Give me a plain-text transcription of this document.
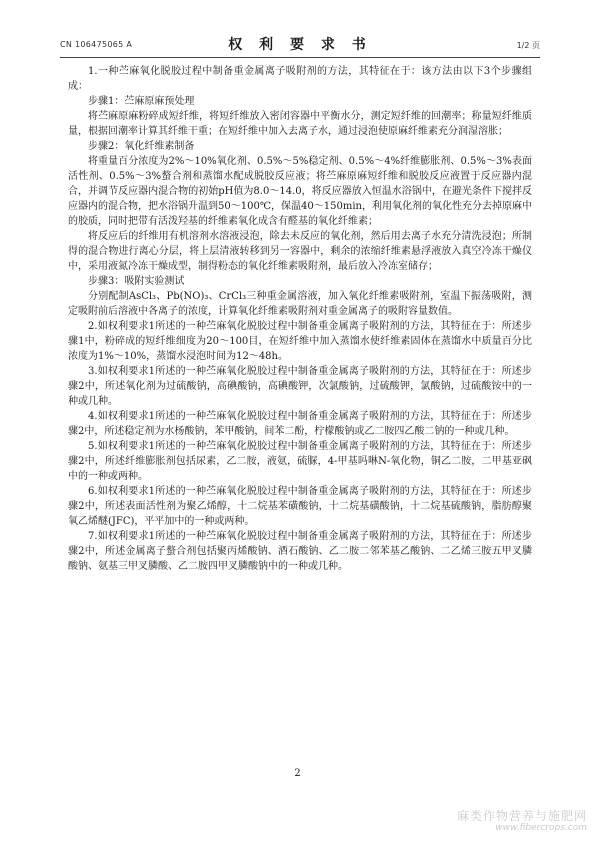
CN 106475065 A	权 利 要 求 书	1/2 页

1.一种苎麻氧化脱胶过程中制备重金属离子吸附剂的方法，其特征在于：该方法由以下3个步骤组成：

步骤1：苎麻原麻预处理

将苎麻原麻粉碎成短纤维，将短纤维放入密闭容器中平衡水分，测定短纤维的回潮率；称量短纤维质量，根据回潮率计算其纤维干重；在短纤维中加入去离子水，通过浸泡使原麻纤维素充分润湿溶胀；

步骤2：氧化纤维素制备

将重量百分浓度为2%～10%氧化剂、0.5%～5%稳定剂、0.5%～4%纤维膨胀剂、0.5%～3%表面活性剂、0.5%～3%螯合剂和蒸馏水配成脱胶反应液；将苎麻原麻短纤维和脱胶反应液置于反应器内混合，并调节反应器内混合物的初始pH值为8.0～14.0，将反应器放入恒温水浴锅中，在避光条件下搅拌反应器内的混合物，把水浴锅升温到50～100℃，保温40～150min，利用氧化剂的氧化性充分去掉原麻中的胶质，同时把带有活泼羟基的纤维素氧化成含有醛基的氧化纤维素；

将反应后的纤维用有机溶剂水溶液浸泡，除去未反应的氧化剂，然后用去离子水充分清洗浸泡；所制得的混合物进行离心分层，将上层清液转移到另一容器中，剩余的浓缩纤维素悬浮液放入真空冷冻干燥仪中，采用液氮冷冻干燥成型，制得粉态的氧化纤维素吸附剂，最后放入冷冻室储存；

步骤3：吸附实验测试

分别配制AsCl₃、Pb(NO)₃、CrCl₃三种重金属溶液，加入氧化纤维素吸附剂，室温下振荡吸附，测定吸附前后溶液中各离子的浓度，计算氧化纤维素吸附剂对重金属离子的吸附容量数值。

2.如权利要求1所述的一种苎麻氧化脱胶过程中制备重金属离子吸附剂的方法，其特征在于：所述步骤1中，粉碎成的短纤维细度为20～100目，在短纤维中加入蒸馏水使纤维素固体在蒸馏水中质量百分比浓度为1%～10%，蒸馏水浸泡时间为12～48h。

3.如权利要求1所述的一种苎麻氧化脱胶过程中制备重金属离子吸附剂的方法，其特征在于：所述步骤2中，所述氧化剂为过硫酸钠，高碘酸钠，高碘酸钾，次氯酸钠，过硫酸钾，氯酸钠，过硫酸铵中的一种或几种。

4.如权利要求1所述的一种苎麻氧化脱胶过程中制备重金属离子吸附剂的方法，其特征在于：所述步骤2中，所述稳定剂为水杨酸钠，苯甲酸钠，间苯二酚，柠檬酸钠或乙二胺四乙酸二钠的一种或几种。

5.如权利要求1所述的一种苎麻氧化脱胶过程中制备重金属离子吸附剂的方法，其特征在于：所述步骤2中，所述纤维膨胀剂包括尿素，乙二胺，液氨，硫脲，4-甲基吗啉N-氧化物，铜乙二胺，二甲基亚砜中的一种或两种。

6.如权利要求1所述的一种苎麻氧化脱胶过程中制备重金属离子吸附剂的方法，其特征在于：所述步骤2中，所述表面活性剂为聚乙烯醇，十二烷基苯磺酸钠，十二烷基磺酸钠，十二烷基硫酸钠，脂肪醇聚氧乙烯醚(JFC)，平平加中的一种或两种。

7.如权利要求1所述的一种苎麻氧化脱胶过程中制备重金属离子吸附剂的方法，其特征在于：所述步骤2中，所述金属离子螯合剂包括聚丙烯酸钠、酒石酸钠、乙二胺二邻苯基乙酸钠、二乙烯三胺五甲叉膦酸钠、氨基三甲叉膦酸、乙二胺四甲叉膦酸钠中的一种或几种。

2
麻类作物营养与施肥网
www.fibercrops.com
